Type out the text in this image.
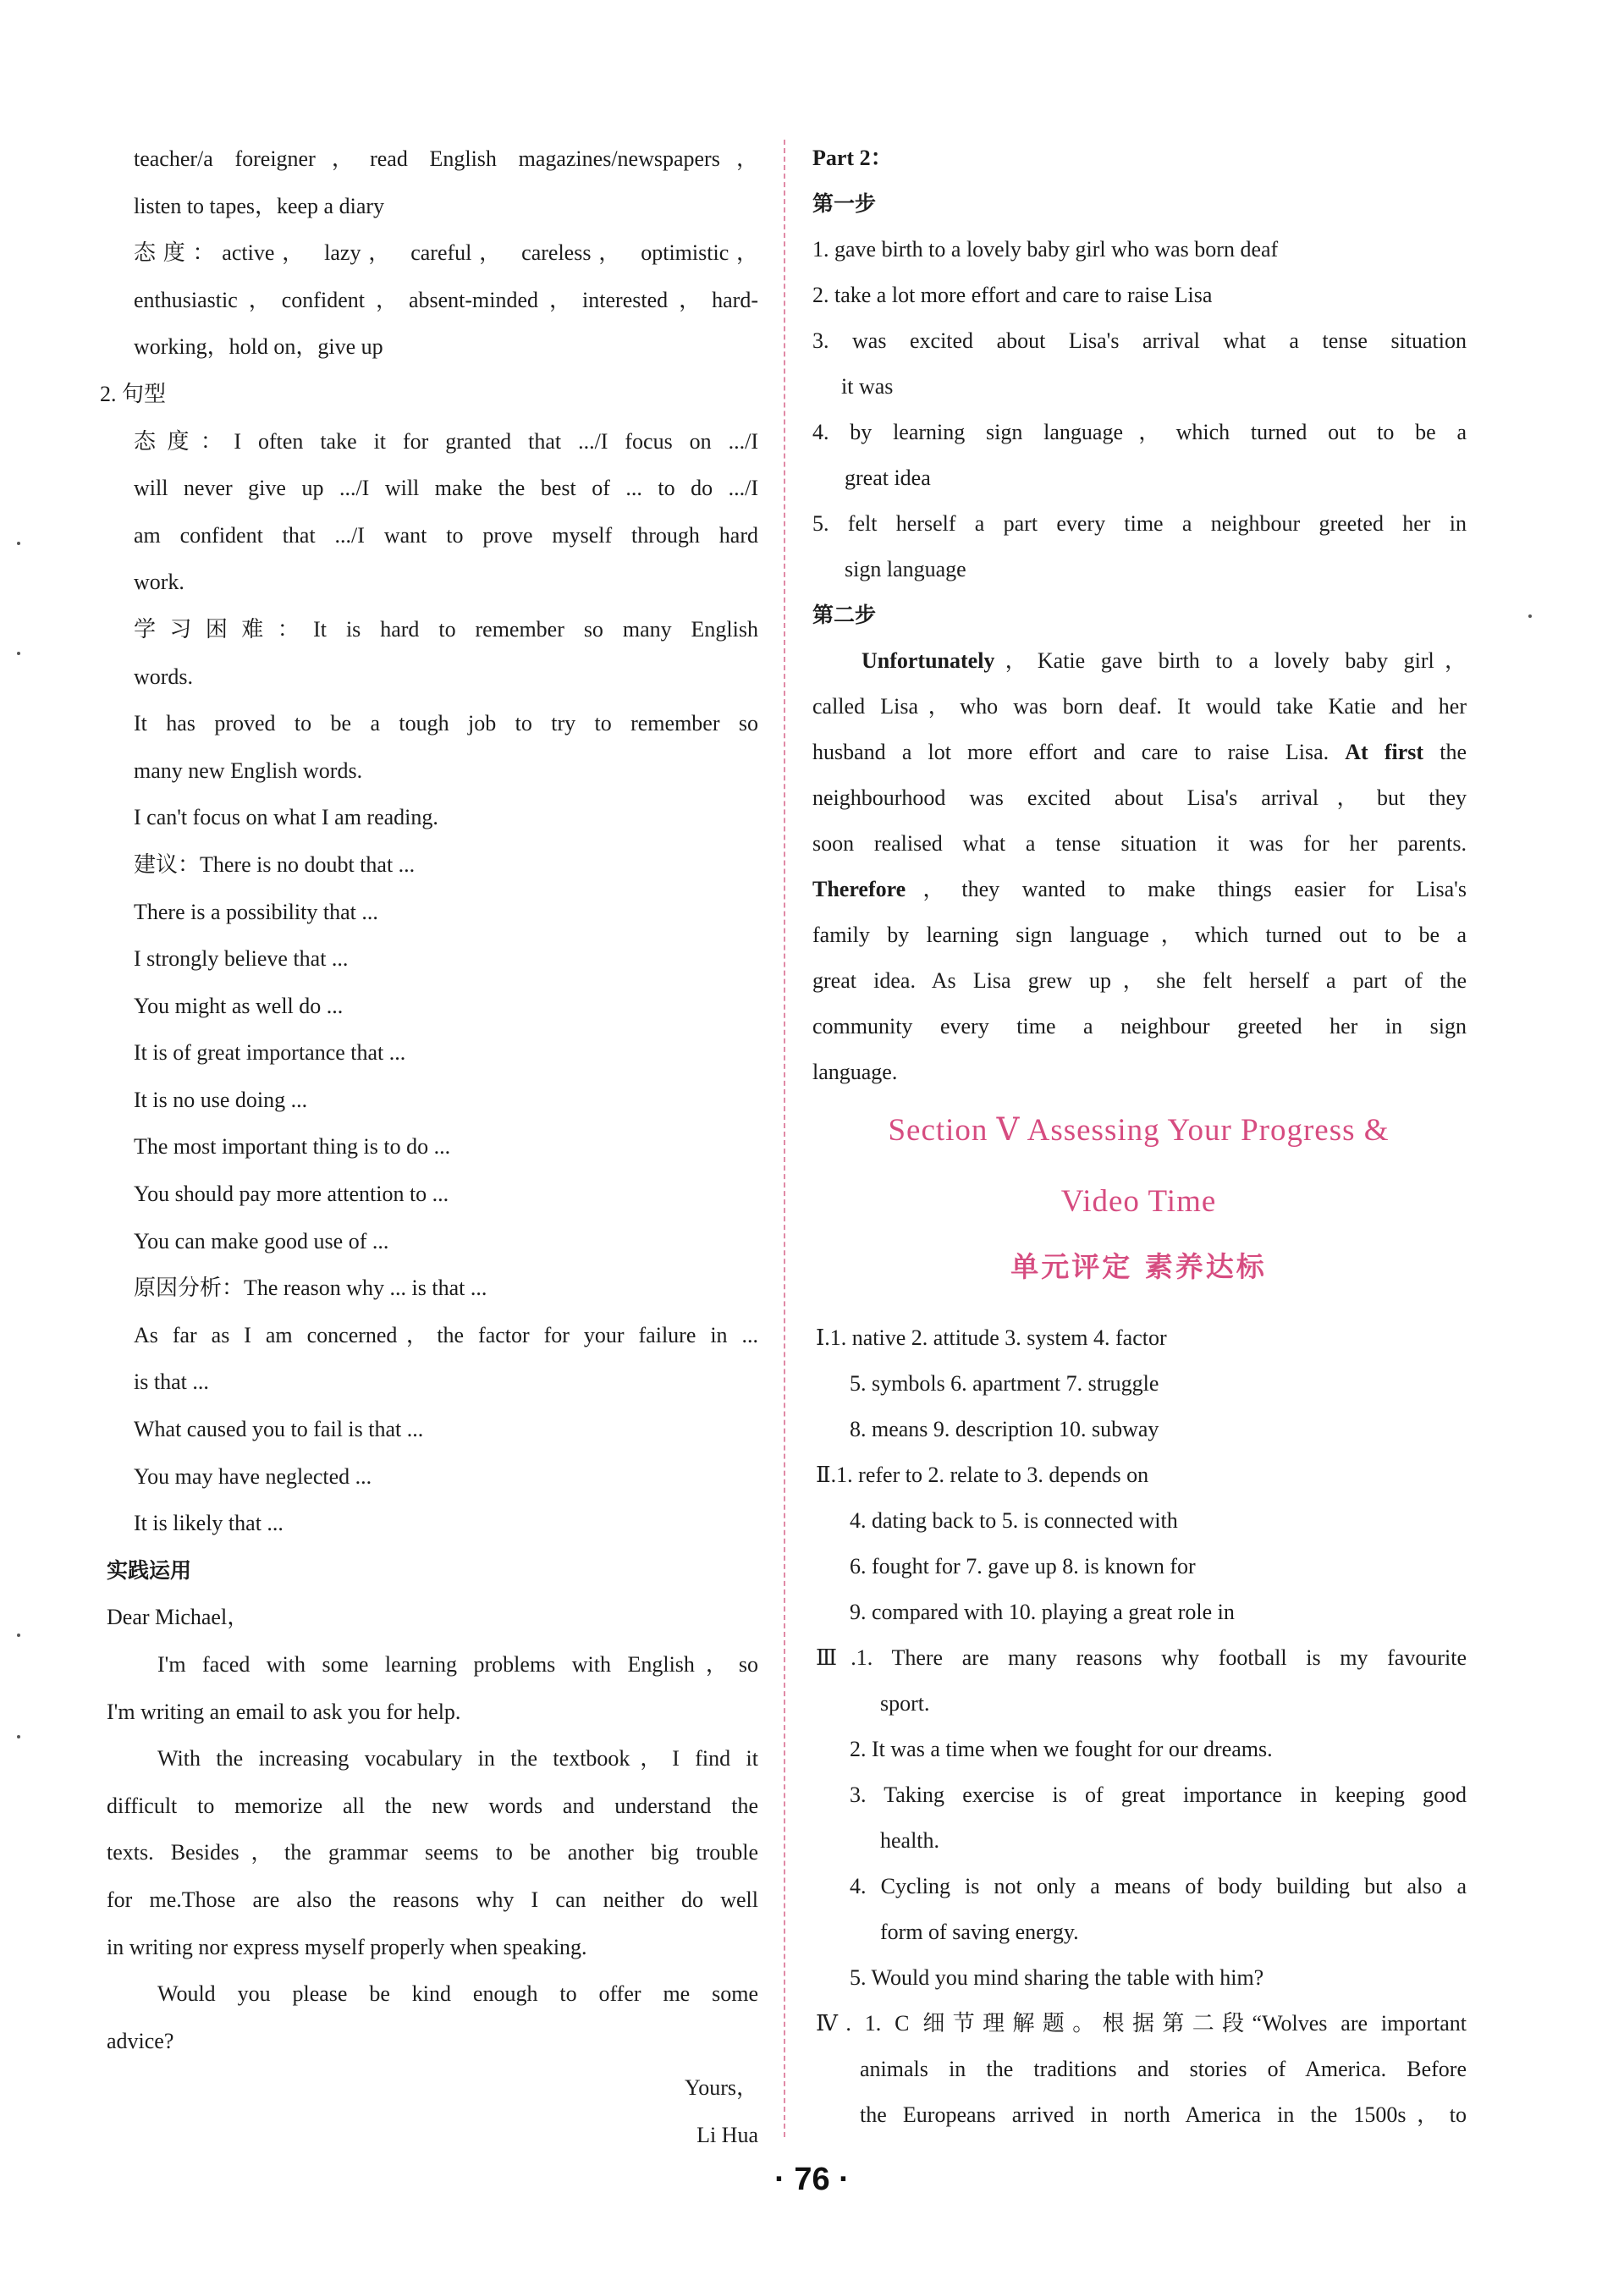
teacher/a foreigner，read English magazines/newspapers，
listen to tapes，keep a diary
态度：active， lazy， careful， careless， optimistic，
enthusiastic，confident，absent-minded，interested，hard-
working，hold on，give up
2. 句型
态度：I often take it for granted that .../I focus on .../I
will never give up .../I will make the best of ... to do .../I
am confident that .../I want to prove myself through hard
work.
学习困难：It is hard to remember so many English
words.
It has proved to be a tough job to try to remember so
many new English words.
I can't focus on what I am reading.
建议：There is no doubt that ...
There is a possibility that ...
I strongly believe that ...
You might as well do ...
It is of great importance that ...
It is no use doing ...
The most important thing is to do ...
You should pay more attention to ...
You can make good use of ...
原因分析：The reason why ... is that ...
As far as I am concerned，the factor for your failure in ...
is that ...
What caused you to fail is that ...
You may have neglected ...
It is likely that ...
实践运用
Dear Michael，
I'm faced with some learning problems with English，so
I'm writing an email to ask you for help.
With the increasing vocabulary in the textbook，I find it
difficult to memorize all the new words and understand the
texts. Besides，the grammar seems to be another big trouble
for me.Those are also the reasons why I can neither do well
in writing nor express myself properly when speaking.
Would you please be kind enough to offer me some
advice?
Yours，
Li Hua
Part 2：
第一步
1. gave birth to a lovely baby girl who was born deaf
2. take a lot more effort and care to raise Lisa
3. was excited about Lisa's arrival what a tense situation
it was
4. by learning sign language，which turned out to be a
great idea
5. felt herself a part every time a neighbour greeted her in
sign language
第二步
Unfortunately，Katie gave birth to a lovely baby girl，
called Lisa，who was born deaf. It would take Katie and her
husband a lot more effort and care to raise Lisa. At first the
neighbourhood was excited about Lisa's arrival，but they
soon realised what a tense situation it was for her parents.
Therefore，they wanted to make things easier for Lisa's
family by learning sign language，which turned out to be a
great idea. As Lisa grew up，she felt herself a part of the
community every time a neighbour greeted her in sign
language.
Section Ⅴ Assessing Your Progress &
Video Time
单元评定 素养达标
Ⅰ.1. native 2. attitude 3. system 4. factor
5. symbols 6. apartment 7. struggle
8. means 9. description 10. subway
Ⅱ.1. refer to 2. relate to 3. depends on
4. dating back to 5. is connected with
6. fought for 7. gave up 8. is known for
9. compared with 10. playing a great role in
Ⅲ.1. There are many reasons why football is my favourite
sport.
2. It was a time when we fought for our dreams.
3. Taking exercise is of great importance in keeping good
health.
4. Cycling is not only a means of body building but also a
form of saving energy.
5. Would you mind sharing the table with him?
Ⅳ. 1. C 细节理解题。根据第二段“Wolves are important
animals in the traditions and stories of America. Before
the Europeans arrived in north America in the 1500s，to
· 76 ·
